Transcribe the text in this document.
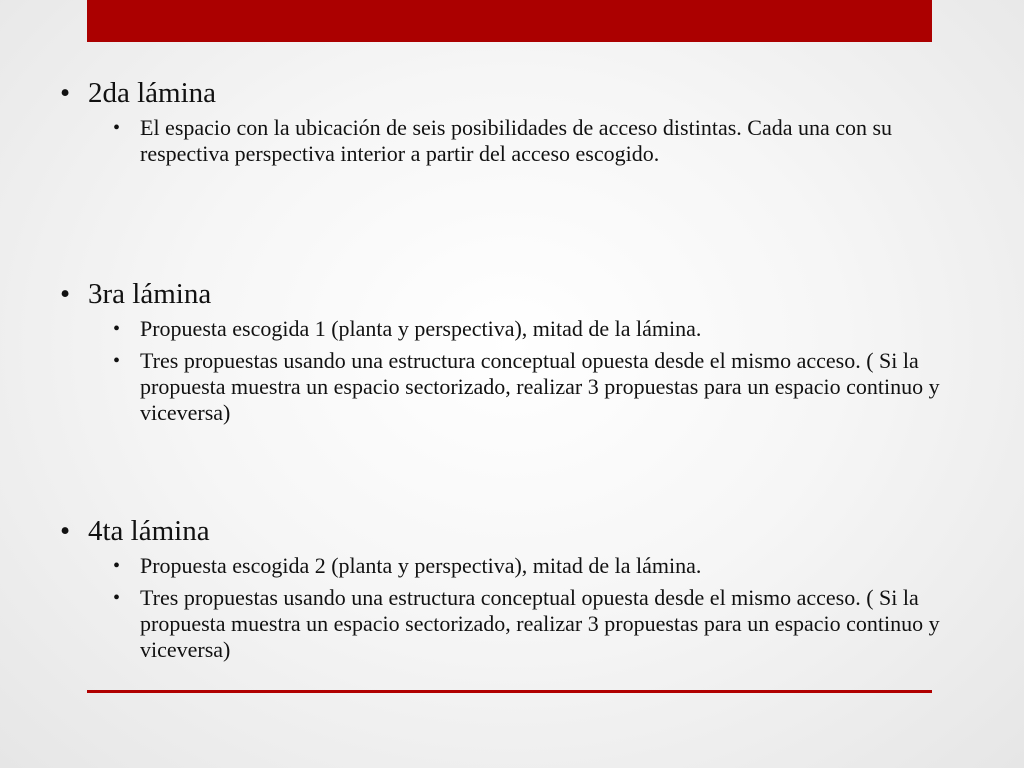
• 2da lámina
• El espacio con la ubicación de seis posibilidades de acceso distintas. Cada una con su respectiva perspectiva interior a partir del acceso escogido.
• 3ra lámina
• Propuesta escogida 1 (planta y perspectiva), mitad de la lámina.
• Tres propuestas usando una estructura conceptual opuesta desde el mismo acceso. ( Si la propuesta muestra un espacio sectorizado, realizar 3 propuestas para un espacio continuo y viceversa)
• 4ta lámina
• Propuesta escogida 2 (planta y perspectiva), mitad de la lámina.
• Tres propuestas usando una estructura conceptual opuesta desde el mismo acceso. ( Si la propuesta muestra un espacio sectorizado, realizar 3 propuestas para un espacio continuo y viceversa)
